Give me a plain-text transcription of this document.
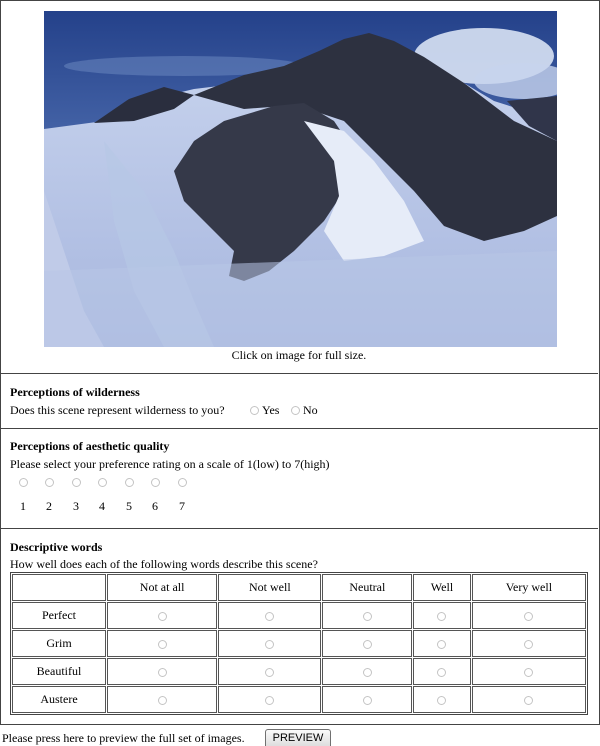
Click on image for full size.
Perceptions of wilderness
Does this scene represent wilderness to you?	Yes No
Perceptions of aesthetic quality
Please select your preference rating on a scale of 1(low) to 7(high)
1 2 3 4 5 6 7
Descriptive words
How well does each of the following words describe this scene?
	Not at all	Not well	Neutral	Well	Very well
Perfect					
Grim					
Beautiful					
Austere					
Please press here to preview the full set of images.	PREVIEW
